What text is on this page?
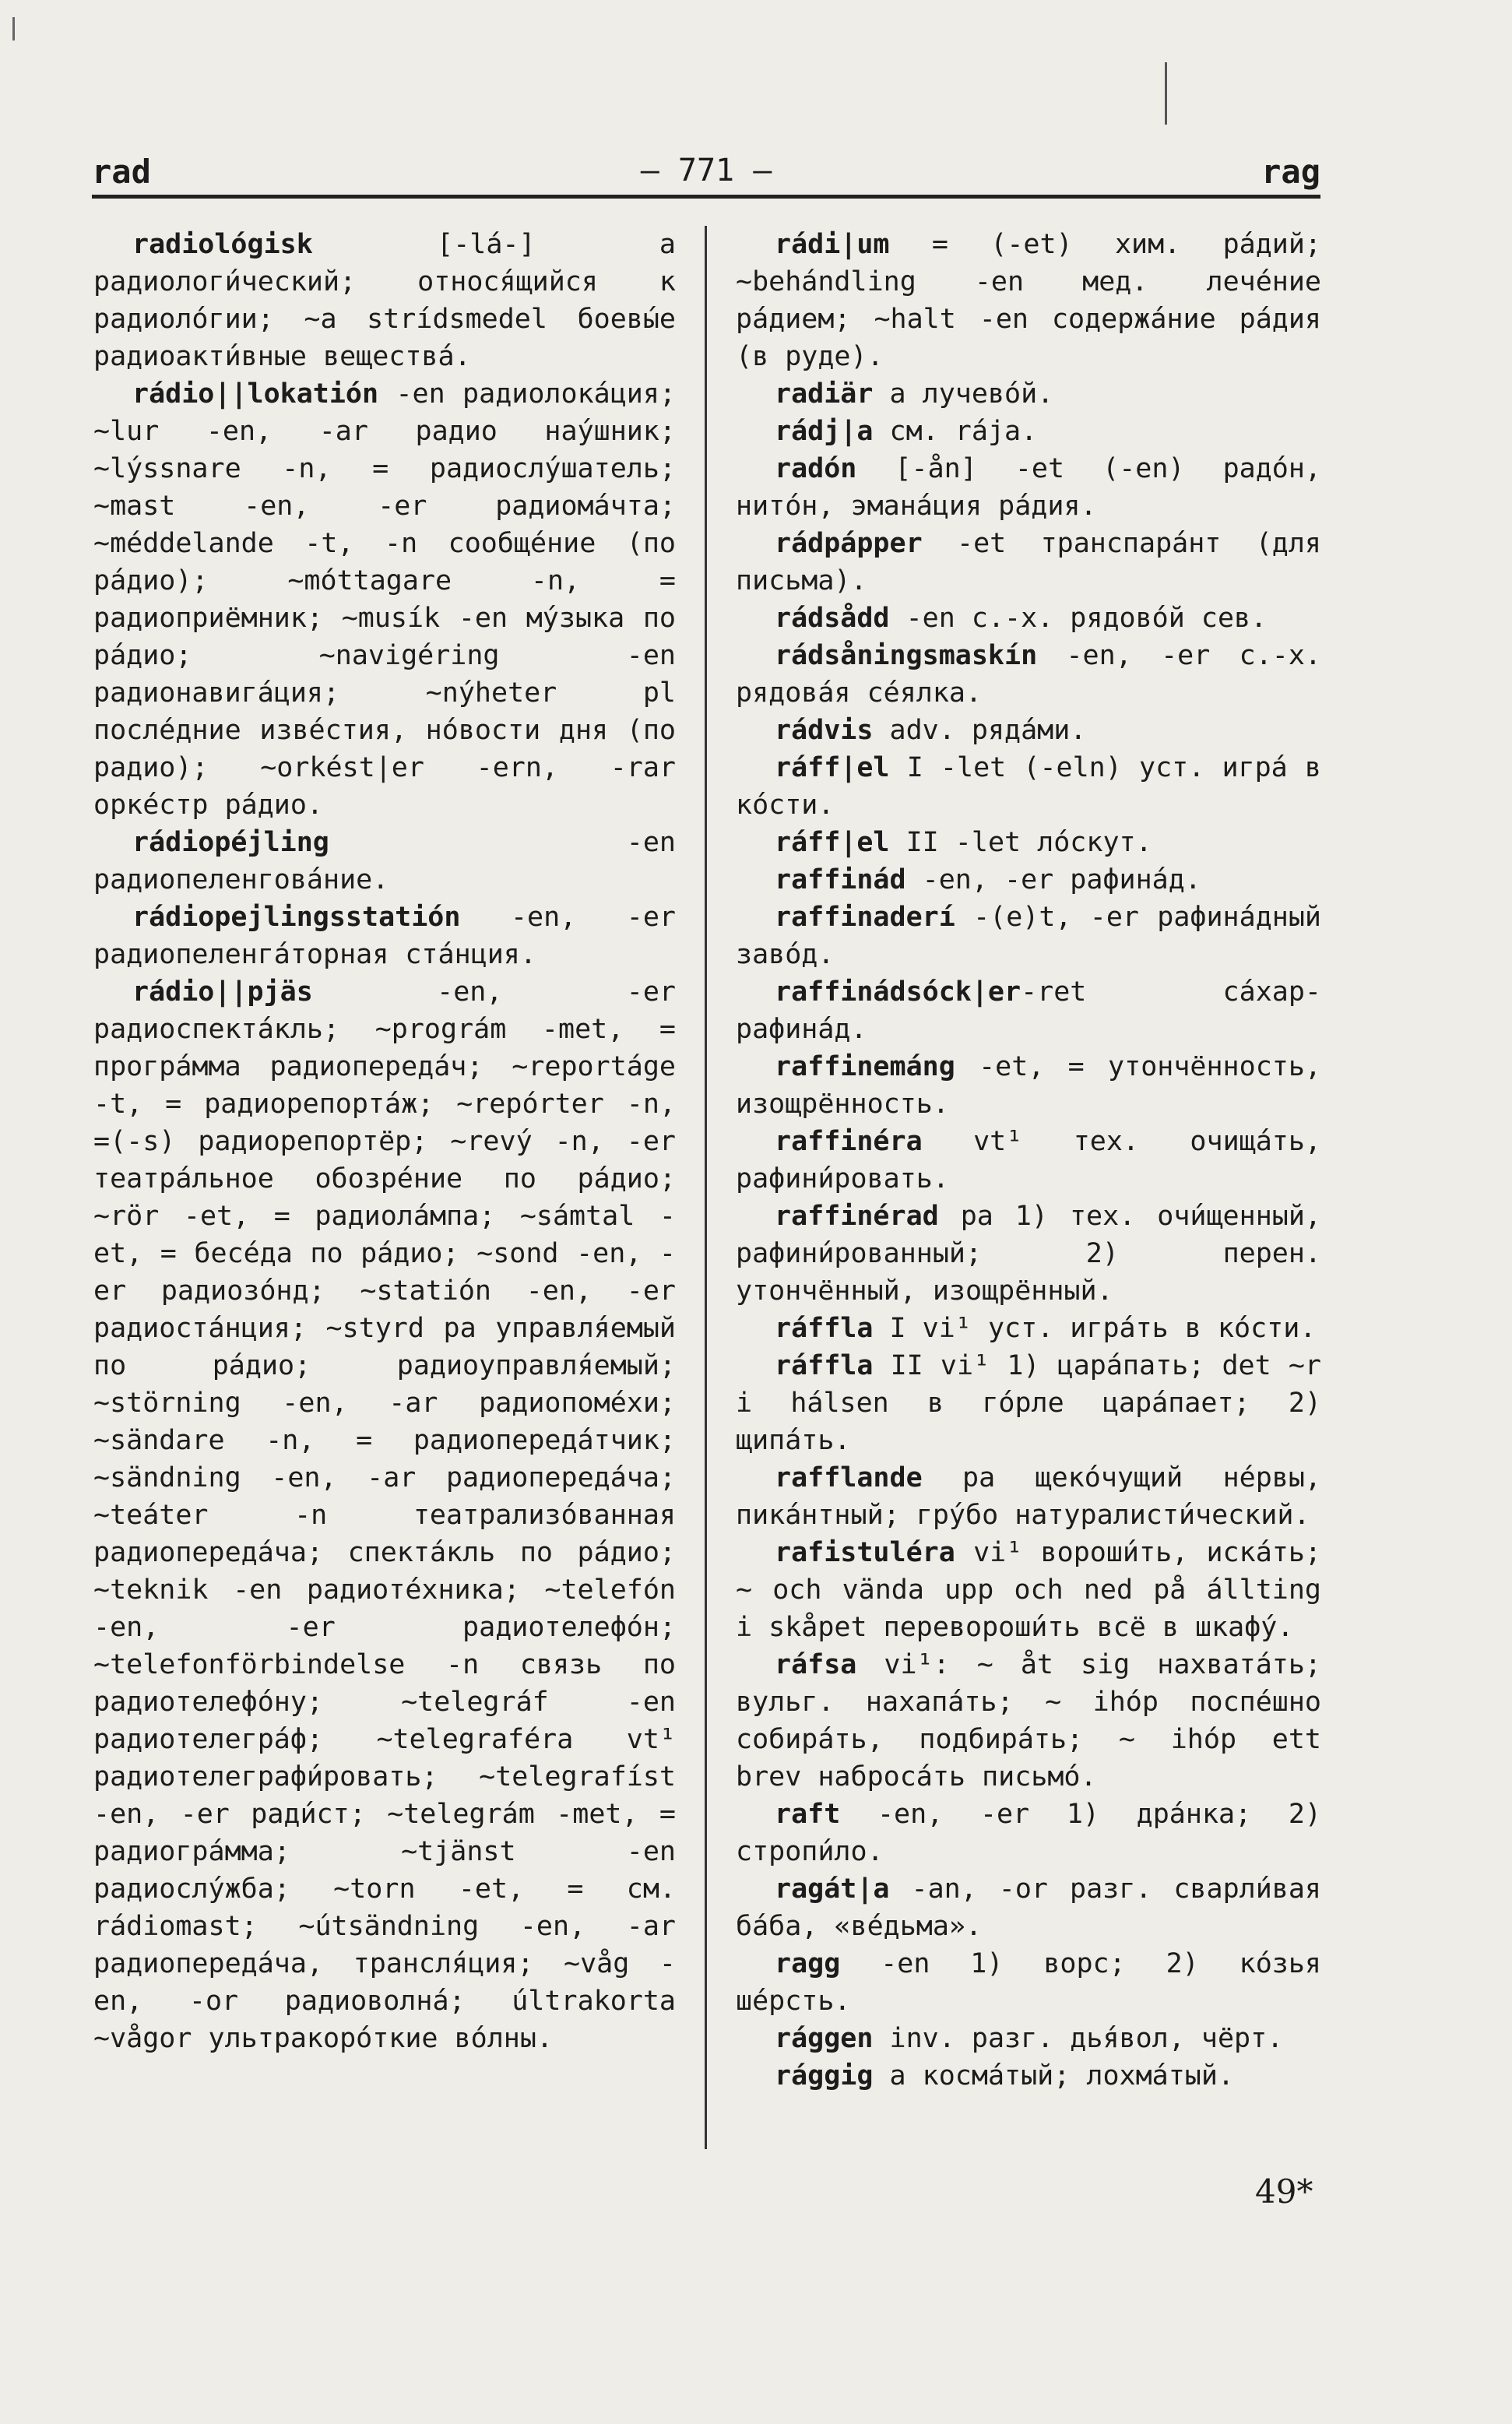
rad	— 771 —	rag

radiológisk [-lá-] а радиологи́ческий; относя́щийся к радиоло́гии; ~a strídsmedel боевы́е радиоакти́вные вещества́.

rádio||lokatión -en радиолока́ция; ~lur -en, -ar радио нау́шник; ~lýssnare -n, = радиослу́шатель; ~mast -en, -er радиома́чта; ~méddelande -t, -n сообще́ние (по ра́дио); ~móttagare -n, = радиоприёмник; ~musík -en му́зыка по ра́дио; ~navigéring -en радионавига́ция; ~nýheter pl после́дние изве́стия, но́вости дня (по радио); ~orkést|er -ern, -rar орке́стр ра́дио.

rádiopéjling -en радиопеленгова́ние.

rádiopejlingsstatión -en, -er радиопеленга́торная ста́нция.

rádio||pjäs -en, -er радиоспекта́кль; ~prográm -met, = програ́мма радиопереда́ч; ~reportáge -t, = радиорепорта́ж; ~repórter -n, =(-s) радиорепортёр; ~revý -n, -er театра́льное обозре́ние по ра́дио; ~rör -et, = радиола́мпа; ~sámtal -et, = бесе́да по ра́дио; ~sond -en, -er радиозо́нд; ~statión -en, -er радиоста́нция; ~styrd pa управля́емый по ра́дио; радиоуправля́емый; ~störning -en, -ar радиопоме́хи; ~sändare -n, = радиопереда́тчик; ~sändning -en, -ar радиопереда́ча; ~teáter -n театрализо́ванная радиопереда́ча; спекта́кль по ра́дио; ~teknik -en радиоте́хника; ~telefón -en, -er радиотелефо́н; ~telefonförbindelse -n связь по радиотелефо́ну; ~telegráf -en радиотелегра́ф; ~telegraféra vt¹ радиотелеграфи́ровать; ~telegrafíst -en, -er ради́ст; ~telegrám -met, = радиогра́мма; ~tjänst -en радиослу́жба; ~torn -et, = см. rádiomast; ~útsändning -en, -ar радиопереда́ча, трансля́ция; ~våg -en, -or радиоволна́; últrakorta ~vågor ультракоро́ткие во́лны.

rádi|um = (-et) хим. ра́дий; ~behándling -en мед. лече́ние ра́дием; ~halt -en содержа́ние ра́дия (в руде).

radiär а лучево́й.

rádj|a см. rája.

radón [-ån] -et (-en) радо́н, нито́н, эмана́ция ра́дия.

rádpápper -et транспара́нт (для письма).

rádsådd -en с.-х. рядово́й сев.

rádsåningsmaskín -en, -er с.-х. рядова́я се́ялка.

rádvis adv. ряда́ми.

ráff|el I -let (-eln) уст. игра́ в ко́сти.

ráff|el II -let ло́скут.

raffinád -en, -er рафина́д.

raffinaderí -(e)t, -er рафина́дный заво́д.

raffinádsóck|er-ret са́хар-рафина́д.

raffinemáng -et, = утончённость, изощрённость.

raffinéra vt¹ тех. очища́ть, рафини́ровать.

raffinérad pa 1) тех. очи́щенный, рафини́рованный; 2) перен. утончённый, изощрённый.

ráffla I vi¹ уст. игра́ть в ко́сти.

ráffla II vi¹ 1) цара́пать; det ~r i hálsen в го́рле цара́пает; 2) щипа́ть.

rafflande pa щеко́чущий не́рвы, пика́нтный; гру́бо натуралисти́ческий.

rafistuléra vi¹ вороши́ть, иска́ть; ~ och vända upp och ned på állting i skåpet перевороши́ть всё в шкафу́.

ráfsa vi¹: ~ åt sig нахвата́ть; вульг. нахапа́ть; ~ ihóp поспе́шно собира́ть, подбира́ть; ~ ihóp ett brev наброса́ть письмо́.

raft -en, -er 1) дра́нка; 2) стропи́ло.

ragát|a -an, -or разг. сварли́вая ба́ба, «ве́дьма».

ragg -en 1) ворс; 2) ко́зья ше́рсть.

rággen inv. разг. дья́вол, чёрт.

rággig а косма́тый; лохма́тый.

49*
